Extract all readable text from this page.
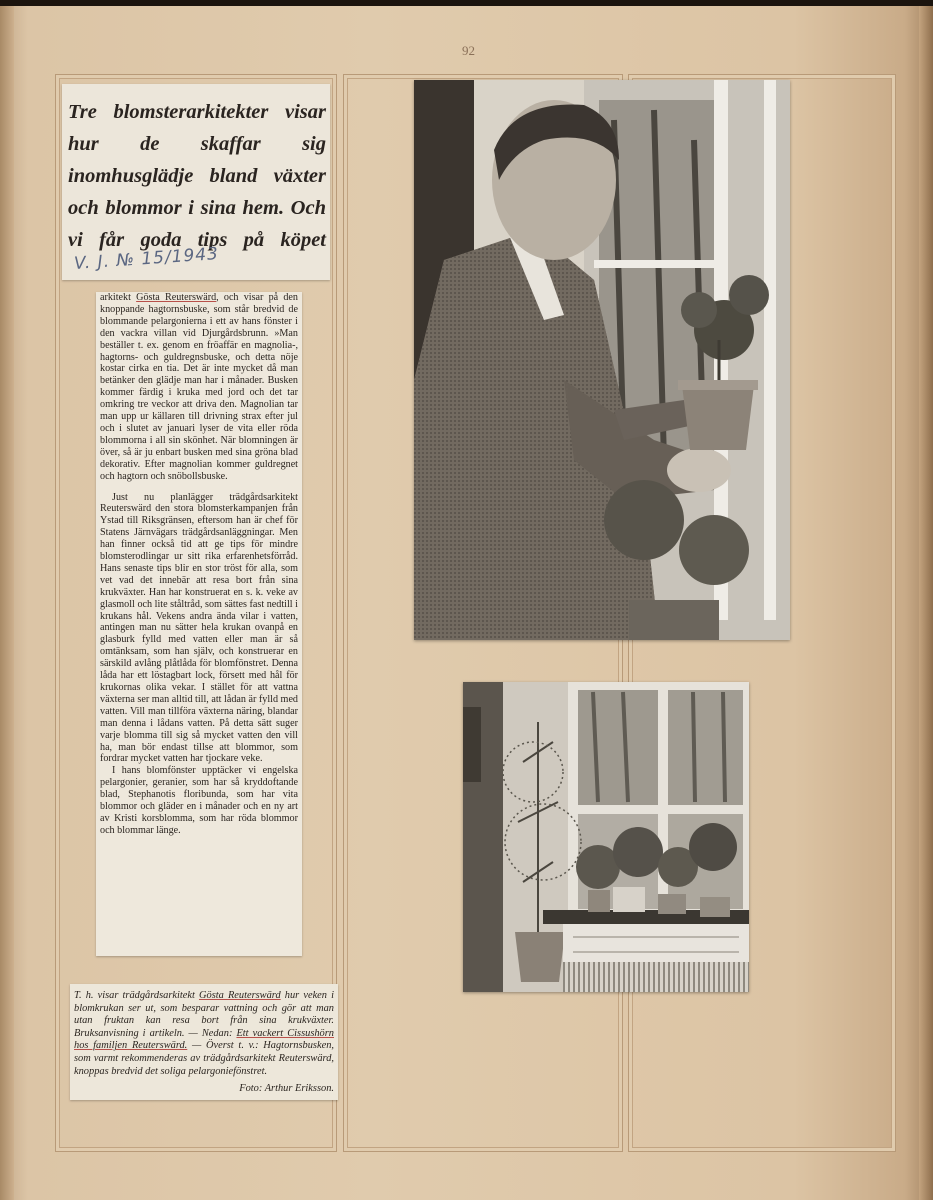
92
Tre blomsterarkitekter visar hur de skaffar sig inomhusglädje bland växter och blommor i sina hem. Och vi får goda tips på köpet
V. J. № 15/1943

arkitekt Gösta Reuterswärd, och visar på den knoppande hagtornsbuske, som står bredvid de blommande pelargonierna i ett av hans fönster i den vackra villan vid Djurgårdsbrunn. »Man beställer t. ex. genom en fröaffär en magnolia-, hagtorns- och guldregnsbuske, och detta nöje kostar cirka en tia. Det är inte mycket då man betänker den glädje man har i månader. Busken kommer färdig i kruka med jord och det tar omkring tre veckor att driva den. Magnolian tar man upp ur källaren till drivning strax efter jul och i slutet av januari lyser de vita eller röda blommorna i all sin skönhet. När blomningen är över, så är ju enbart busken med sina gröna blad dekorativ. Efter magnolian kommer guldregnet och hagtorn och snöbollsbuske.

Just nu planlägger trädgårdsarkitekt Reuterswärd den stora blomsterkampanjen från Ystad till Riksgränsen, eftersom han är chef för Statens Järnvägars trädgårdsanläggningar. Men han finner också tid att ge tips för mindre blomsterodlingar ur sitt rika erfarenhetsförråd. Hans senaste tips blir en stor tröst för alla, som vet vad det innebär att resa bort från sina krukväxter. Han har konstruerat en s. k. veke av glasmoll och lite ståltråd, som sättes fast nedtill i krukans hål. Vekens andra ända vilar i vatten, antingen man nu sätter hela krukan ovanpå en glasburk fylld med vatten eller man är så omtänksam, som han själv, och konstruerar en särskild avlång plåtlåda för blomfönstret. Denna låda har ett löstagbart lock, försett med hål för krukornas olika vekar. I stället för att vattna växterna ser man alltid till, att lådan är fylld med vatten. Vill man tillföra växterna näring, blandar man denna i lådans vatten. På detta sätt suger varje blomma till sig så mycket vatten den vill ha, man bör endast tillse att blommor, som fordrar mycket vatten har tjockare veke.

I hans blomfönster upptäcker vi engelska pelargonier, geranier, som har så kryddoftande blad, Stephanotis floribunda, som har vita blommor och gläder en i månader och en ny art av Kristi korsblomma, som har röda blommor och blommar länge.

T. h. visar trädgårdsarkitekt Gösta Reuterswärd hur veken i blomkrukan ser ut, som besparar vattning och gör att man utan fruktan kan resa bort från sina krukväxter. Bruksanvisning i artikeln. — Nedan: Ett vackert Cissushörn hos familjen Reuterswärd. — Överst t. v.: Hagtornsbusken, som varmt rekommenderas av trädgårdsarkitekt Reuterswärd, knoppas bredvid det soliga pelargoniefönstret.

Foto: Arthur Eriksson.
